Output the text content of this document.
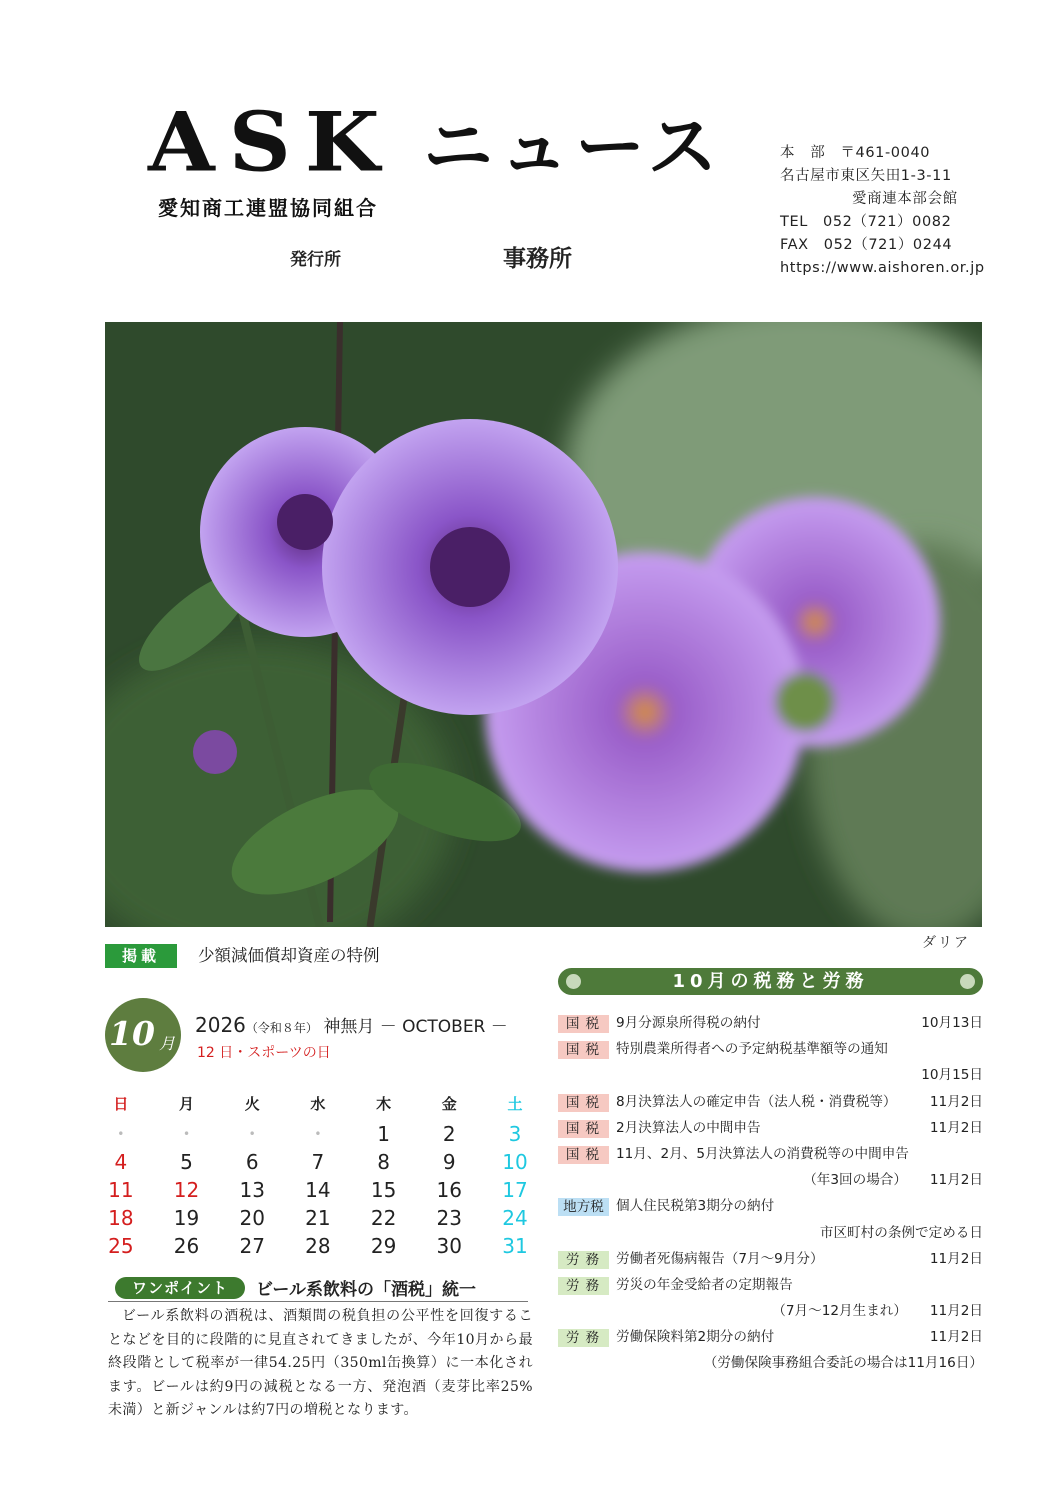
ASK ニュース
愛知商工連盟協同組合
発行所	事務所
本　部　〒461-0040
名古屋市東区矢田1-3-11
愛商連本部会館
TEL　052（721）0082
FAX　052（721）0244
https://www.aishoren.or.jp
ダリア
掲載	少額減価償却資産の特例
10 月
2026（令和８年） 神無月 － OCTOBER －
12 日・スポーツの日
日	月	火	水	木	金	土
•	•	•	•	1	2	3
4	5	6	7	8	9	10
11	12	13	14	15	16	17
18	19	20	21	22	23	24
25	26	27	28	29	30	31
ワンポイント	ビール系飲料の「酒税」統一
ビール系飲料の酒税は、酒類間の税負担の公平性を回復することなどを目的に段階的に見直されてきましたが、今年10月から最終段階として税率が一律54.25円（350ml缶換算）に一本化されます。ビールは約9円の減税となる一方、発泡酒（麦芽比率25%未満）と新ジャンルは約7円の増税となります。
10月の税務と労務
国税 9月分源泉所得税の納付	10月13日
国税 特別農業所得者への予定納税基準額等の通知
10月15日
国税 8月決算法人の確定申告（法人税・消費税等） 11月2日
国税 2月決算法人の中間申告	11月2日
国税 11月、2月、5月決算法人の消費税等の中間申告
（年3回の場合） 11月2日
地方税 個人住民税第3期分の納付
市区町村の条例で定める日
労務 労働者死傷病報告（7月～9月分）	11月2日
労務 労災の年金受給者の定期報告
（7月～12月生まれ） 11月2日
労務 労働保険料第2期分の納付	11月2日
（労働保険事務組合委託の場合は11月16日）
